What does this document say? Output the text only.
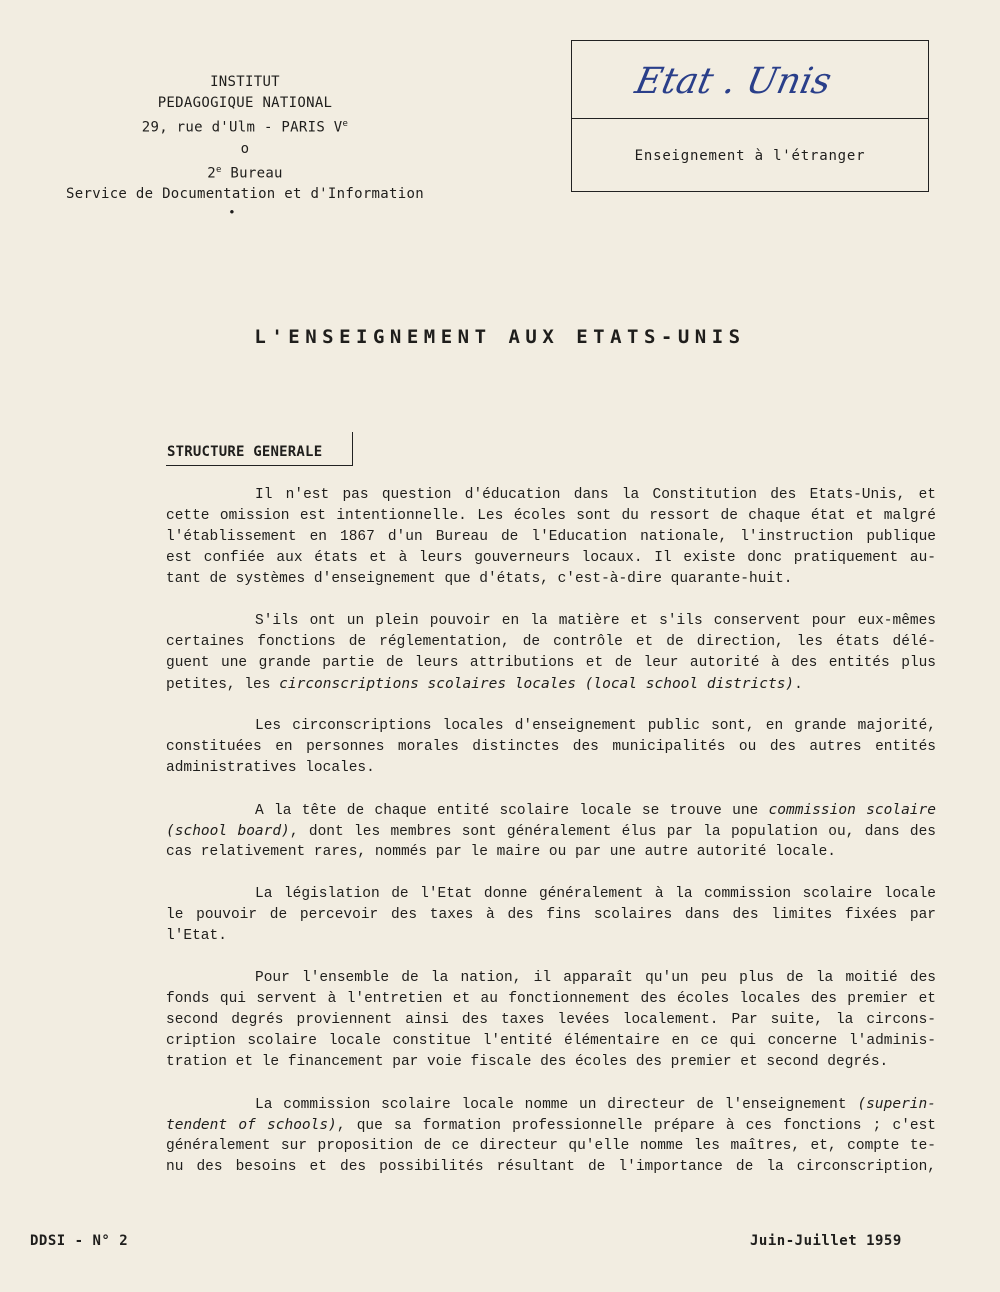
INSTITUT
PEDAGOGIQUE NATIONAL
29, rue d'Ulm - PARIS Ve
o
2e Bureau
Service de Documentation et d'Information
•
Etat . Unis
Enseignement à l'étranger
L'ENSEIGNEMENT AUX ETATS-UNIS
STRUCTURE GENERALE
Il n'est pas question d'éducation dans la Constitution des Etats-Unis, et
cette omission est intentionnelle. Les écoles sont du ressort de chaque état et malgré
l'établissement en 1867 d'un Bureau de l'Education nationale, l'instruction publique
est confiée aux états et à leurs gouverneurs locaux. Il existe donc pratiquement au-
tant de systèmes d'enseignement que d'états, c'est-à-dire quarante-huit.
S'ils ont un plein pouvoir en la matière et s'ils conservent pour eux-mêmes
certaines fonctions de réglementation, de contrôle et de direction, les états délé-
guent une grande partie de leurs attributions et de leur autorité à des entités plus
petites, les circonscriptions scolaires locales (local school districts).
Les circonscriptions locales d'enseignement public sont, en grande majorité,
constituées en personnes morales distinctes des municipalités ou des autres entités
administratives locales.
A la tête de chaque entité scolaire locale se trouve une commission scolaire
(school board), dont les membres sont généralement élus par la population ou, dans des
cas relativement rares, nommés par le maire ou par une autre autorité locale.
La législation de l'Etat donne généralement à la commission scolaire locale
le pouvoir de percevoir des taxes à des fins scolaires dans des limites fixées par
l'Etat.
Pour l'ensemble de la nation, il apparaît qu'un peu plus de la moitié des
fonds qui servent à l'entretien et au fonctionnement des écoles locales des premier et
second degrés proviennent ainsi des taxes levées localement. Par suite, la circons-
cription scolaire locale constitue l'entité élémentaire en ce qui concerne l'adminis-
tration et le financement par voie fiscale des écoles des premier et second degrés.
La commission scolaire locale nomme un directeur de l'enseignement (superin-
tendent of schools), que sa formation professionnelle prépare à ces fonctions ; c'est
généralement sur proposition de ce directeur qu'elle nomme les maîtres, et, compte te-
nu des besoins et des possibilités résultant de l'importance de la circonscription,
DDSI - N° 2	Juin-Juillet 1959
